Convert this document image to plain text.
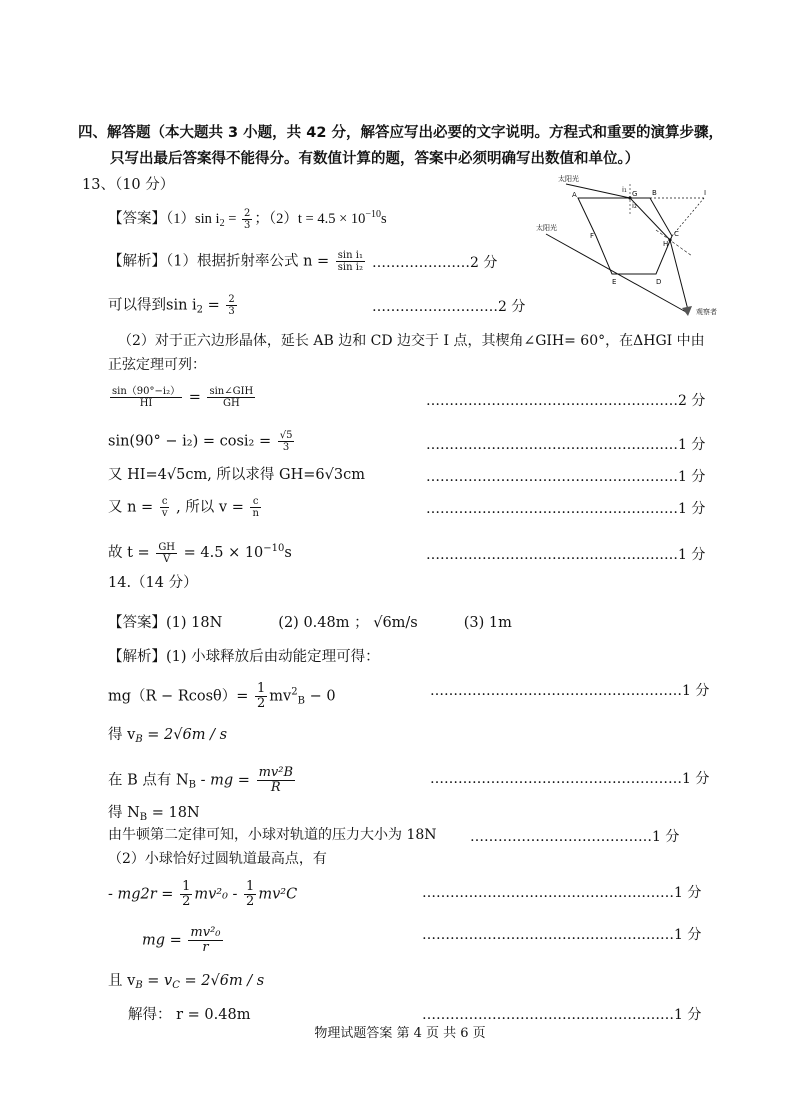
四、解答题（本大题共 3 小题，共 42 分，解答应写出必要的文字说明。方程式和重要的演算步骤，
只写出最后答案得不能得分。有数值计算的题，答案中必须明确写出数值和单位。）
13、（10 分）
【答案】（1）sin $i_2 = \frac{2}{3}$ ；$(2)t = 4.5 \times 10^{-10}s$
【解析】（1）根据折射率公式 $n = \frac{\text{sin i₁}}{\text{sin i₂}}$ …………………2 分
可以得到$\sin i_2 = \frac{2}{3}$	………………………2 分
（2）对于正六边形晶体，延长 AB 边和 CD 边交于 I 点，其楔角∠GIH= 60°，在ΔHGI 中由
正弦定理可列：
$\frac{\text{sin（90°−i₂）}}{HI} = \frac{\text{sin∠GIH}}{GH}$	………………………………………………2 分
$\sin(90^\circ - i_2) = \cos i_2 = \frac{√5}{3}$	………………………………………………1 分
又 HI=4√5cm, 所以求得 GH=6√3cm	………………………………………………1 分
又 $n = \frac{c}{v}$ , 所以 $v = \frac{c}{n}$	………………………………………………1 分
故 $t = \frac{GH}{V} = 4.5 \times 10^{-10}s$	………………………………………………1 分
14.（14 分）
【答案】(1) 18N	(2) 0.48m ； √6m/s	(3) 1m
【解析】(1) 小球释放后由动能定理可得：
$mg(R - Rcos\theta)= \frac{1}{2} mv^2_B - 0$	………………………………………………1 分
得 $v_B = 2√6m / s$
在 B 点有 $N_B$ - mg = $\frac{\text{mv²B}}{R}$	………………………………………………1 分
得 $N_B = 18N$
由牛顿第二定律可知，小球对轨道的压力大小为 18N …………………………………1 分
（2）小球恰好过圆轨道最高点，有
- $mg2r = \frac{1}{2} mv^2_0 - \frac{1}{2} mv^2C$	………………………………………………1 分
mg = $\frac{\text{mv²₀}}{r}$	………………………………………………1 分
且 $v_B = v_C = 2√6m / s$
解得： r = 0.48m	………………………………………………1 分
物理试题答案 第 4 页 共 6 页
太阳光
太阳光
观察者
A	B
C
D
E
F
G
H
I
i₁
i₂
